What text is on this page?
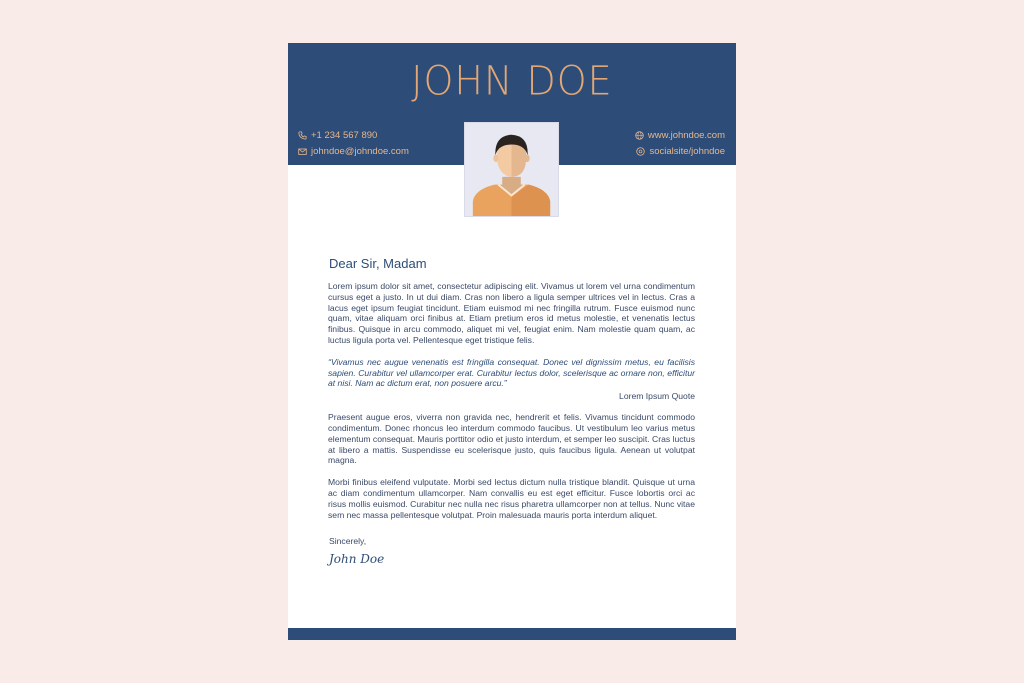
JOHN DOE
+1 234 567 890
johndoe@johndoe.com
www.johndoe.com
socialsite/johndoe
Dear Sir, Madam

Lorem ipsum dolor sit amet, consectetur adipiscing elit. Vivamus ut lorem vel urna condimentum cursus eget a justo. In ut dui diam. Cras non libero a ligula semper ultrices vel in lectus. Cras a lacus eget ipsum feugiat tincidunt. Etiam euismod mi nec fringilla rutrum. Fusce euismod nunc quam, vitae aliquam orci finibus at. Etiam pretium eros id metus molestie, et venenatis lectus finibus. Quisque in arcu commodo, aliquet mi vel, feugiat enim. Nam molestie quam quam, ac luctus ligula porta vel. Pellentesque eget tristique felis.

“Vivamus nec augue venenatis est fringilla consequat. Donec vel dignissim metus, eu facilisis sapien. Curabitur vel ullamcorper erat. Curabitur lectus dolor, scelerisque ac ornare non, efficitur at nisi. Nam ac dictum erat, non posuere arcu.”

Lorem Ipsum Quote

Praesent augue eros, viverra non gravida nec, hendrerit et felis. Vivamus tincidunt commodo condimentum. Donec rhoncus leo interdum commodo faucibus. Ut vestibulum leo varius metus elementum consequat. Mauris porttitor odio et justo interdum, et semper leo suscipit. Cras luctus at libero a mattis. Suspendisse eu scelerisque justo, quis faucibus ligula. Aenean ut volutpat magna.

Morbi finibus eleifend vulputate. Morbi sed lectus dictum nulla tristique blandit. Quisque ut urna ac diam condimentum ullamcorper. Nam convallis eu est eget efficitur. Fusce lobortis orci ac risus mollis euismod. Curabitur nec nulla nec risus pharetra ullamcorper non at tellus. Nunc vitae sem nec massa pellentesque volutpat. Proin malesuada mauris porta interdum aliquet.

Sincerely,
John Doe
